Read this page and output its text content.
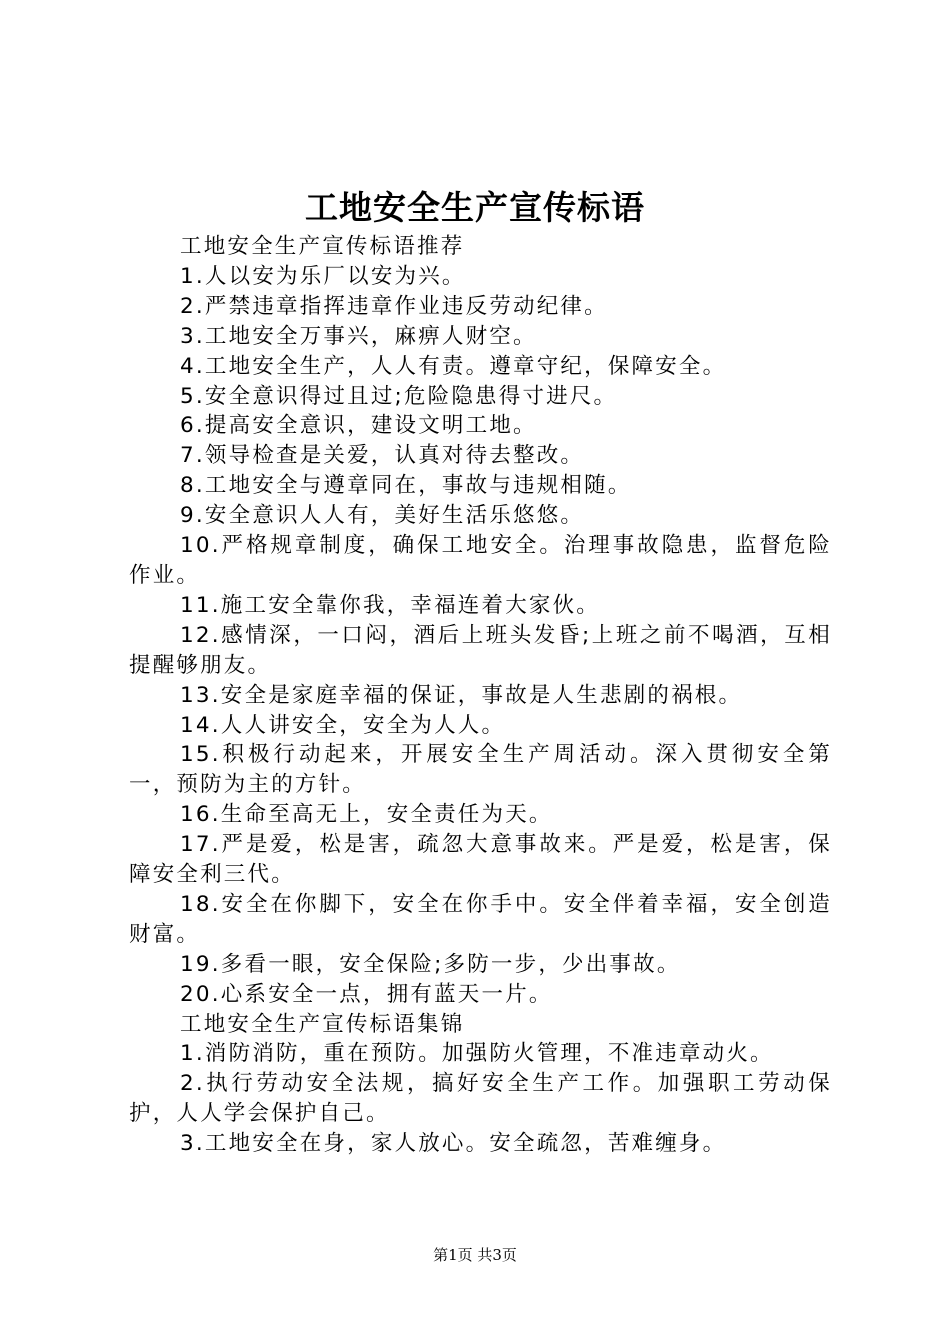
工地安全生产宣传标语

工地安全生产宣传标语推荐

1.人以安为乐厂以安为兴。

2.严禁违章指挥违章作业违反劳动纪律。

3.工地安全万事兴，麻痹人财空。

4.工地安全生产，人人有责。遵章守纪，保障安全。

5.安全意识得过且过;危险隐患得寸进尺。

6.提高安全意识，建设文明工地。

7.领导检查是关爱，认真对待去整改。

8.工地安全与遵章同在，事故与违规相随。

9.安全意识人人有，美好生活乐悠悠。

10.严格规章制度，确保工地安全。治理事故隐患，监督危险作业。

11.施工安全靠你我，幸福连着大家伙。

12.感情深，一口闷，酒后上班头发昏;上班之前不喝酒，互相提醒够朋友。

13.安全是家庭幸福的保证，事故是人生悲剧的祸根。

14.人人讲安全，安全为人人。

15.积极行动起来，开展安全生产周活动。深入贯彻安全第一，预防为主的方针。

16.生命至高无上，安全责任为天。

17.严是爱，松是害，疏忽大意事故来。严是爱，松是害，保障安全利三代。

18.安全在你脚下，安全在你手中。安全伴着幸福，安全创造财富。

19.多看一眼，安全保险;多防一步，少出事故。

20.心系安全一点，拥有蓝天一片。

工地安全生产宣传标语集锦

1.消防消防，重在预防。加强防火管理，不准违章动火。

2.执行劳动安全法规，搞好安全生产工作。加强职工劳动保护，人人学会保护自己。

3.工地安全在身，家人放心。安全疏忽，苦难缠身。

第1页 共3页
